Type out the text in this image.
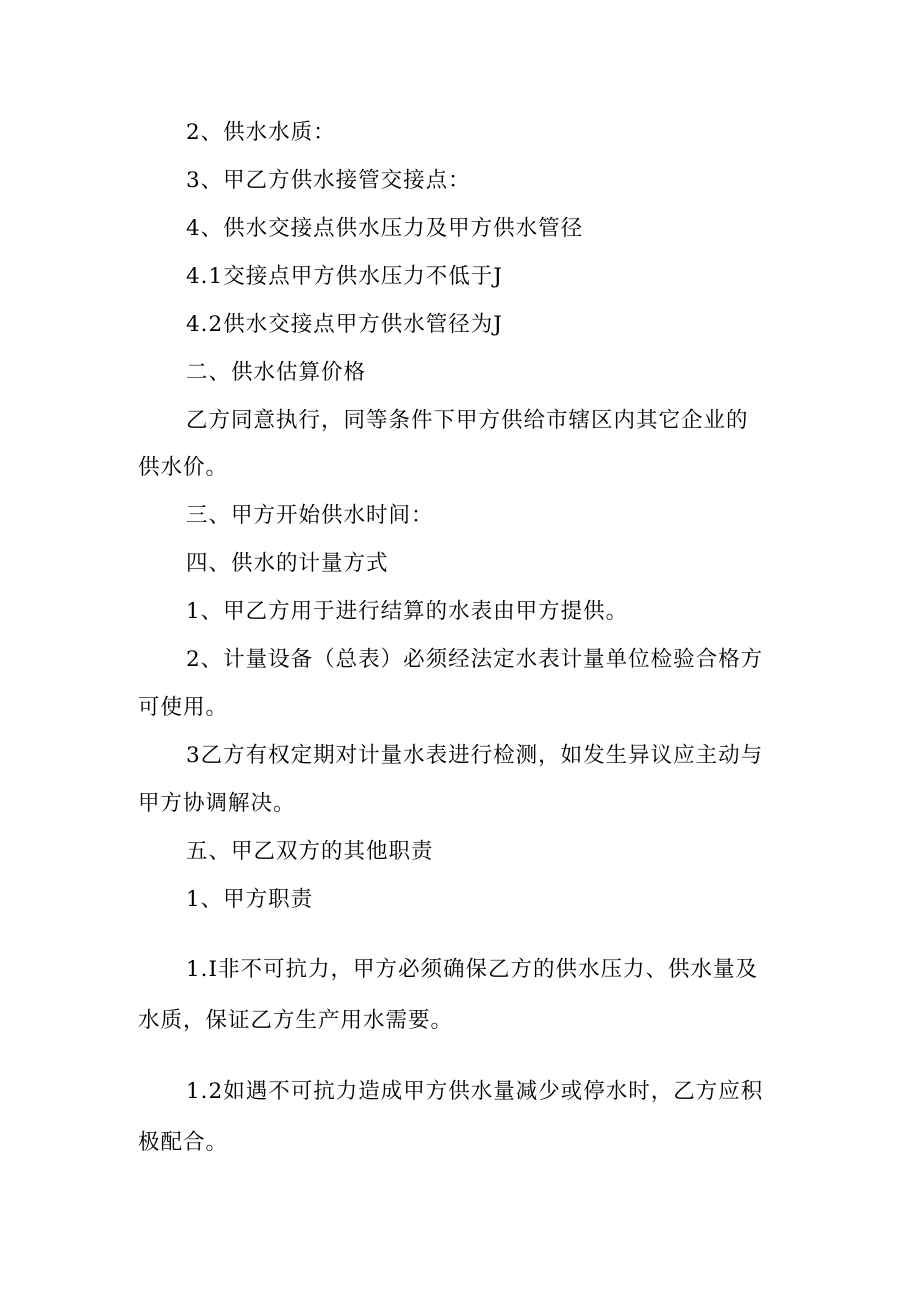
2、供水水质：

3、甲乙方供水接管交接点：

4、供水交接点供水压力及甲方供水管径

4.1交接点甲方供水压力不低于J

4.2供水交接点甲方供水管径为J

二、供水估算价格

乙方同意执行，同等条件下甲方供给市辖区内其它企业的

供水价。

三、甲方开始供水时间：

四、供水的计量方式

1、甲乙方用于进行结算的水表由甲方提供。

2、计量设备（总表）必须经法定水表计量单位检验合格方

可使用。

3乙方有权定期对计量水表进行检测，如发生异议应主动与

甲方协调解决。

五、甲乙双方的其他职责

1、甲方职责

1.I非不可抗力，甲方必须确保乙方的供水压力、供水量及

水质，保证乙方生产用水需要。

1.2如遇不可抗力造成甲方供水量减少或停水时，乙方应积

极配合。
